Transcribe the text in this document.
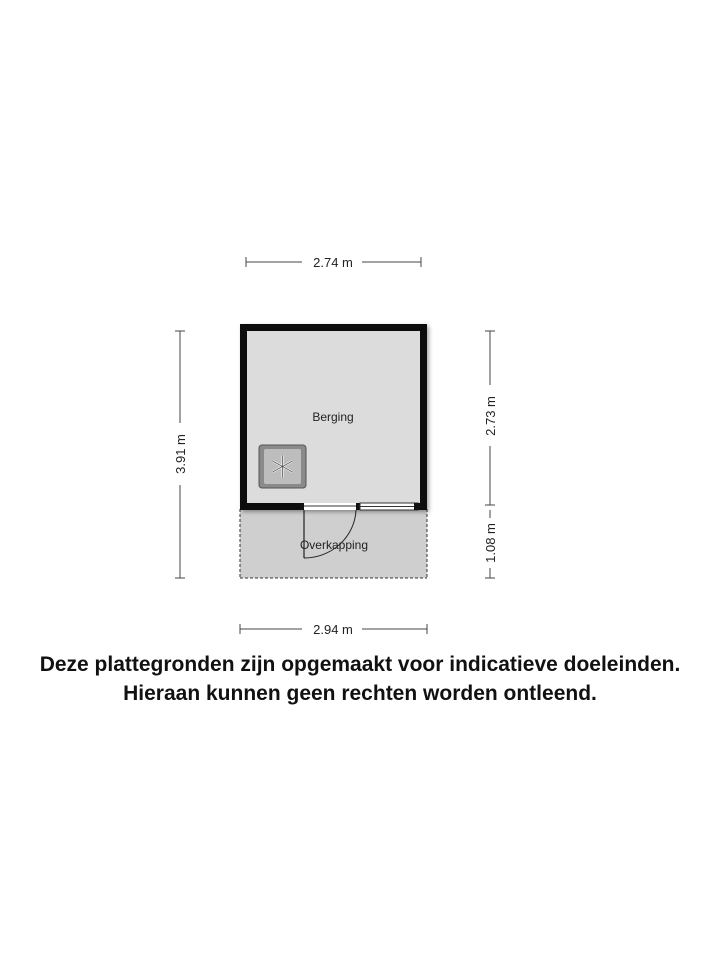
2.74 m
2.94 m
3.91 m
2.73 m
1.08 m
Berging
Overkapping
Deze plattegronden zijn opgemaakt voor indicatieve doeleinden.
Hieraan kunnen geen rechten worden ontleend.
